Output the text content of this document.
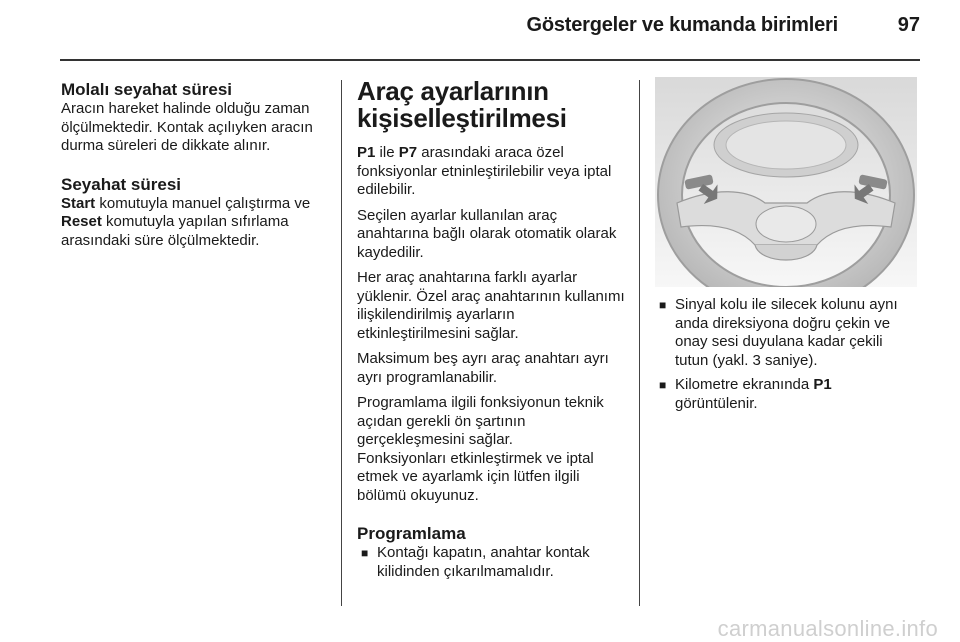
Göstergeler ve kumanda birimleri	97
Molalı seyahat süresi

Aracın hareket halinde olduğu zaman ölçülmektedir. Kontak açılıyken aracın durma süreleri de dikkate alınır.

Seyahat süresi

Start komutuyla manuel çalıştırma ve Reset komutuyla yapılan sıfırlama arasındaki süre ölçülmektedir.

Araç ayarlarının kişiselleştirilmesi

P1 ile P7 arasındaki araca özel fonksiyonlar etninleştirilebilir veya iptal edilebilir.

Seçilen ayarlar kullanılan araç anahtarına bağlı olarak otomatik olarak kaydedilir.

Her araç anahtarına farklı ayarlar yüklenir. Özel araç anahtarının kullanımı ilişkilendirilmiş ayarların etkinleştirilmesini sağlar.

Maksimum beş ayrı araç anahtarı ayrı ayrı programlanabilir.

Programlama ilgili fonksiyonun teknik açıdan gerekli ön şartının gerçekleşmesini sağlar.

Fonksiyonları etkinleştirmek ve iptal etmek ve ayarlamk için lütfen ilgili bölümü okuyunuz.

Programlama
■ Kontağı kapatın, anahtar kontak kilidinden çıkarılmamalıdır.
■ Sinyal kolu ile silecek kolunu aynı anda direksiyona doğru çekin ve onay sesi duyulana kadar çekili tutun (yakl. 3 saniye).
■ Kilometre ekranında P1 görüntülenir.
carmanualsonline.info
